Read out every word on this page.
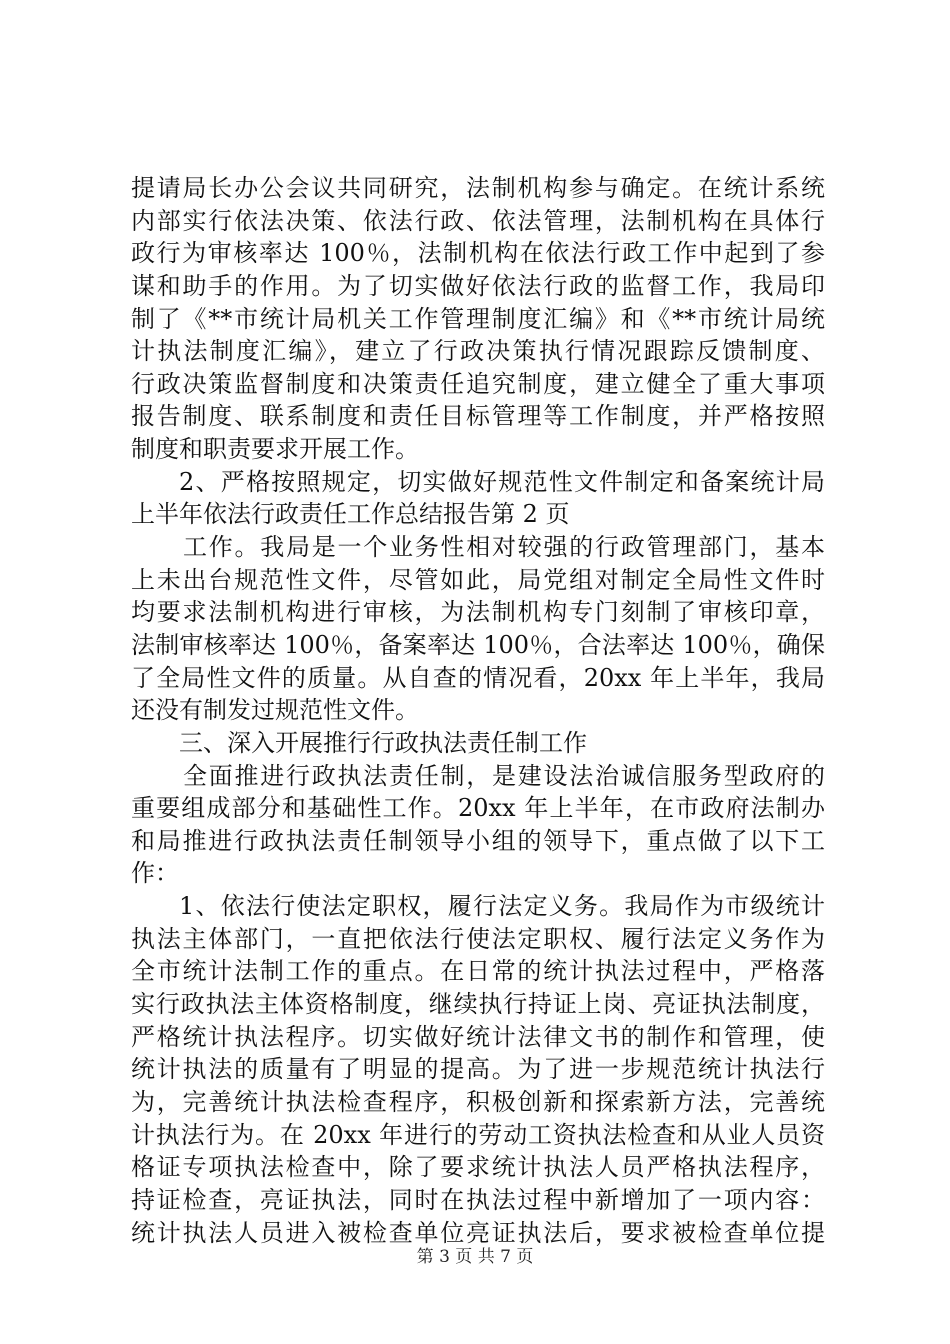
提请局长办公会议共同研究，法制机构参与确定。在统计系统
内部实行依法决策、依法行政、依法管理，法制机构在具体行
政行为审核率达 100％，法制机构在依法行政工作中起到了参
谋和助手的作用。为了切实做好依法行政的监督工作，我局印
制了《**市统计局机关工作管理制度汇编》和《**市统计局统
计执法制度汇编》，建立了行政决策执行情况跟踪反馈制度、
行政决策监督制度和决策责任追究制度，建立健全了重大事项
报告制度、联系制度和责任目标管理等工作制度，并严格按照
制度和职责要求开展工作。
2、严格按照规定，切实做好规范性文件制定和备案统计局
上半年依法行政责任工作总结报告第 2 页
工作。我局是一个业务性相对较强的行政管理部门，基本
上未出台规范性文件，尽管如此，局党组对制定全局性文件时
均要求法制机构进行审核，为法制机构专门刻制了审核印章，
法制审核率达 100％，备案率达 100％，合法率达 100％，确保
了全局性文件的质量。从自查的情况看，20xx 年上半年，我局
还没有制发过规范性文件。
三、深入开展推行行政执法责任制工作
全面推进行政执法责任制，是建设法治诚信服务型政府的
重要组成部分和基础性工作。20xx 年上半年，在市政府法制办
和局推进行政执法责任制领导小组的领导下，重点做了以下工
作：
1、依法行使法定职权，履行法定义务。我局作为市级统计
执法主体部门，一直把依法行使法定职权、履行法定义务作为
全市统计法制工作的重点。在日常的统计执法过程中，严格落
实行政执法主体资格制度，继续执行持证上岗、亮证执法制度，
严格统计执法程序。切实做好统计法律文书的制作和管理，使
统计执法的质量有了明显的提高。为了进一步规范统计执法行
为，完善统计执法检查程序，积极创新和探索新方法，完善统
计执法行为。在 20xx 年进行的劳动工资执法检查和从业人员资
格证专项执法检查中，除了要求统计执法人员严格执法程序，
持证检查，亮证执法，同时在执法过程中新增加了一项内容：
统计执法人员进入被检查单位亮证执法后，要求被检查单位提
第 3 页 共 7 页
